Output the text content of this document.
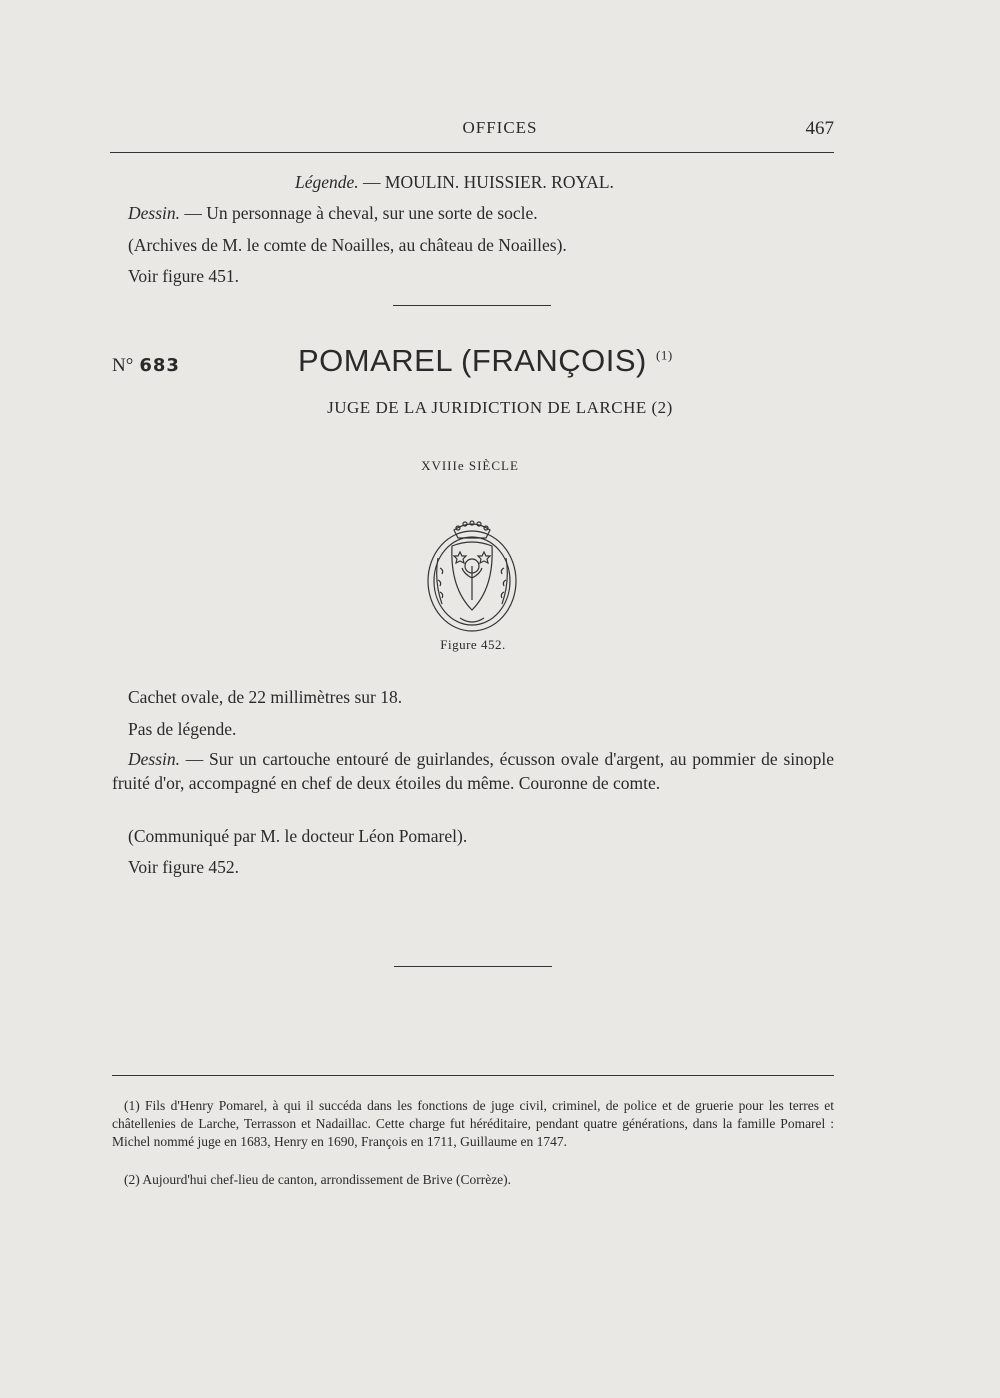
OFFICES	467
Légende. — MOULIN. HUISSIER. ROYAL.
Dessin. — Un personnage à cheval, sur une sorte de socle.
(Archives de M. le comte de Noailles, au château de Noailles).
Voir figure 451.
N° 683	POMAREL (FRANÇOIS) $^{(1)}$
JUGE DE LA JURIDICTION DE LARCHE (2)
XVIIIe SIÈCLE
Figure 452.
Cachet ovale, de 22 millimètres sur 18.
Pas de légende.
Dessin. — Sur un cartouche entouré de guirlandes, écusson ovale d'argent, au pommier de sinople fruité d'or, accompagné en chef de deux étoiles du même. Couronne de comte.
(Communiqué par M. le docteur Léon Pomarel).
Voir figure 452.
(1) Fils d'Henry Pomarel, à qui il succéda dans les fonctions de juge civil, criminel, de police et de gruerie pour les terres et châtellenies de Larche, Terrasson et Nadaillac. Cette charge fut héréditaire, pendant quatre générations, dans la famille Pomarel : Michel nommé juge en 1683, Henry en 1690, François en 1711, Guillaume en 1747.
(2) Aujourd'hui chef-lieu de canton, arrondissement de Brive (Corrèze).
